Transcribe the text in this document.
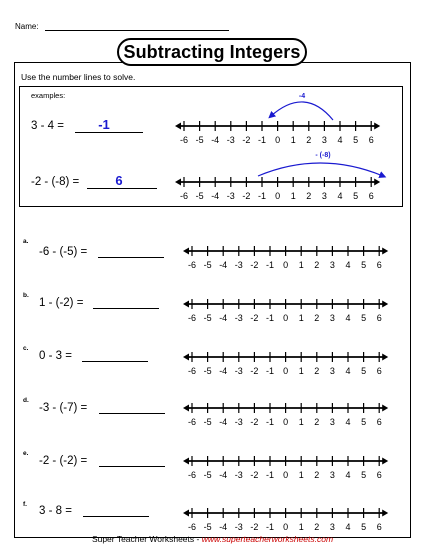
Name:
Subtracting Integers
Use the number lines to solve.
examples:
3 - 4 =	-1
-2 - (-8) =	6
-6 -5 -4 -3 -2 -1 0 1 2 3 4 5 6
-6 -5 -4 -3 -2 -1 0 1 2 3 4 5 6
-4
- (-8)
a.
-6 - (-5) =
-6 -5 -4 -3 -2 -1 0 1 2 3 4 5 6
b.
1 - (-2) =
-6 -5 -4 -3 -2 -1 0 1 2 3 4 5 6
c.
0 - 3 =
-6 -5 -4 -3 -2 -1 0 1 2 3 4 5 6
d.
-3 - (-7) =
-6 -5 -4 -3 -2 -1 0 1 2 3 4 5 6
e.
-2 - (-2) =
-6 -5 -4 -3 -2 -1 0 1 2 3 4 5 6
f.
3 - 8 =
-6 -5 -4 -3 -2 -1 0 1 2 3 4 5 6
Super Teacher Worksheets - www.superteacherworksheets.com
